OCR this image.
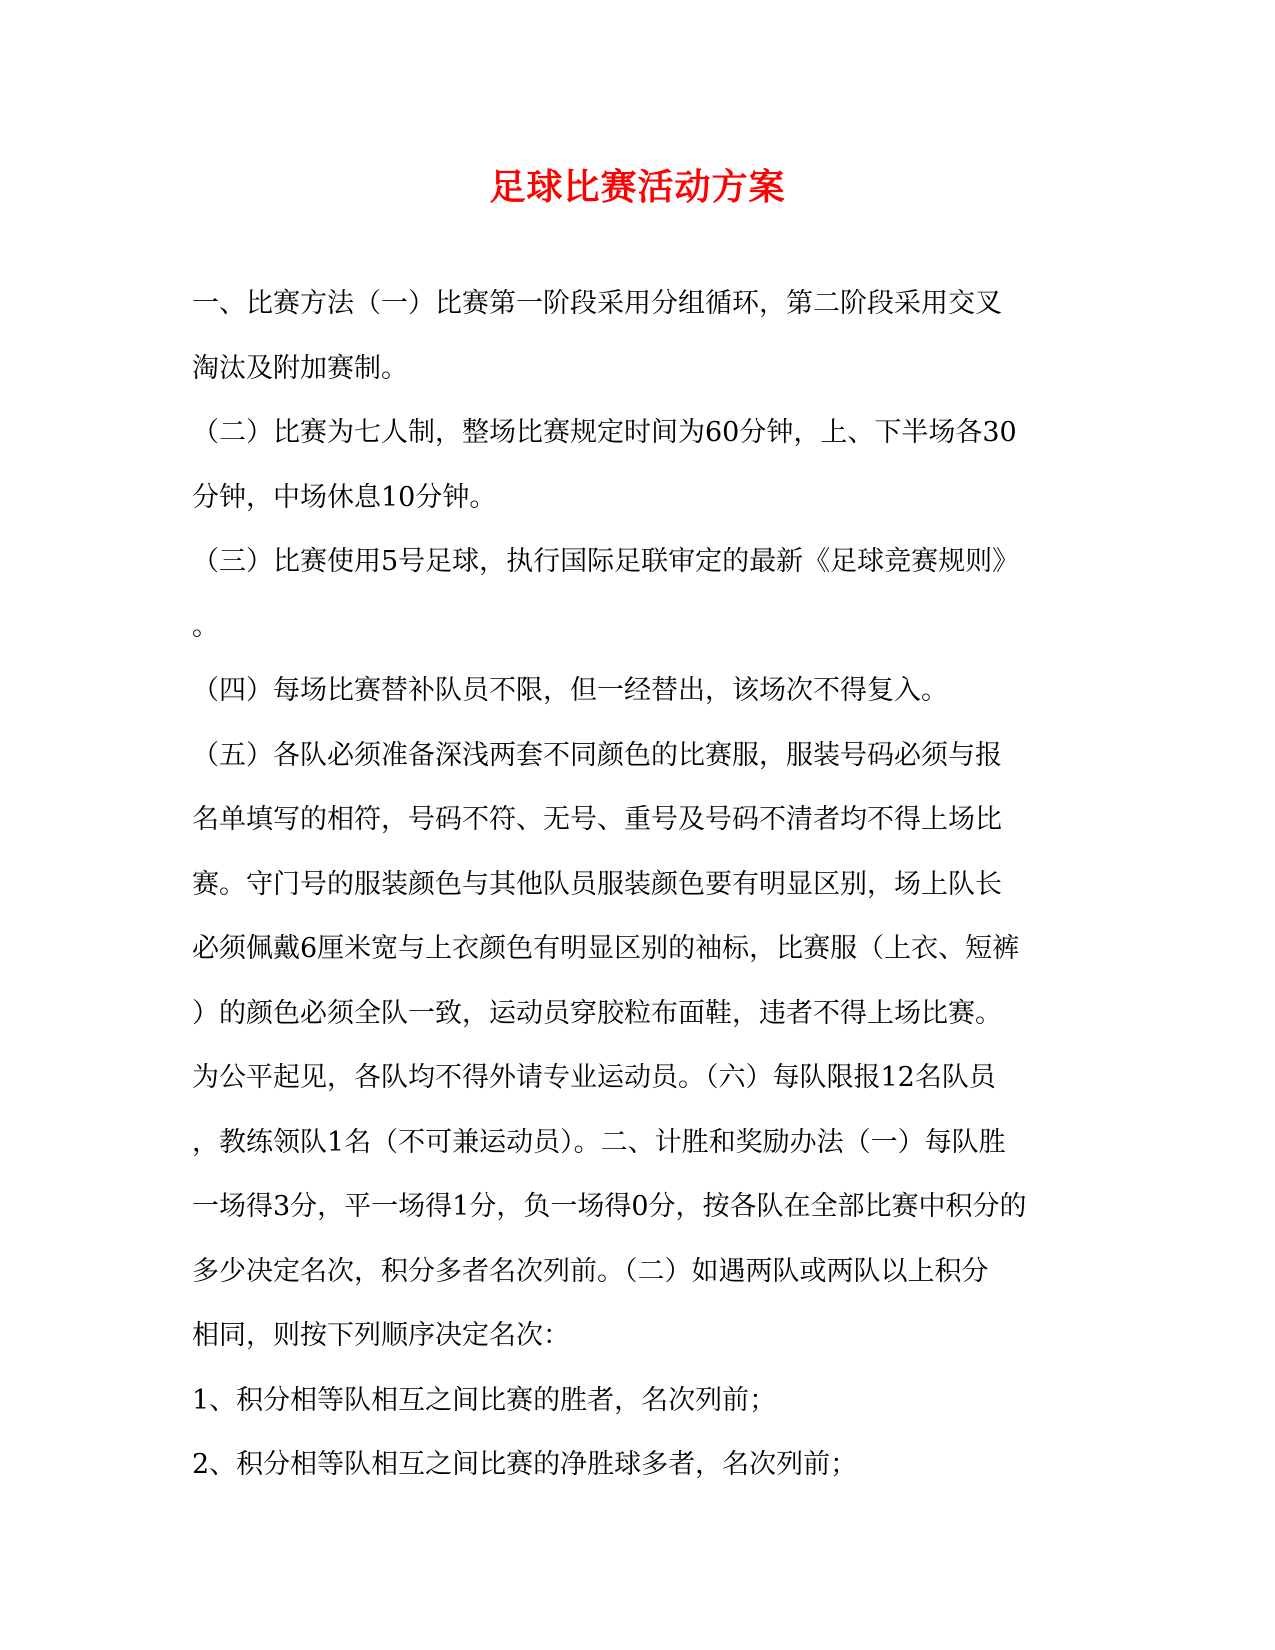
足球比赛活动方案
一、比赛方法（一）比赛第一阶段采用分组循环，第二阶段采用交叉
淘汰及附加赛制。
（二）比赛为七人制，整场比赛规定时间为60分钟，上、下半场各30
分钟，中场休息10分钟。
（三）比赛使用5号足球，执行国际足联审定的最新《足球竞赛规则》
。
（四）每场比赛替补队员不限，但一经替出，该场次不得复入。
（五）各队必须准备深浅两套不同颜色的比赛服，服装号码必须与报
名单填写的相符，号码不符、无号、重号及号码不清者均不得上场比
赛。守门号的服装颜色与其他队员服装颜色要有明显区别，场上队长
必须佩戴6厘米宽与上衣颜色有明显区别的袖标，比赛服（上衣、短裤
）的颜色必须全队一致，运动员穿胶粒布面鞋，违者不得上场比赛。
为公平起见，各队均不得外请专业运动员。（六）每队限报12名队员
，教练领队1名（不可兼运动员）。二、计胜和奖励办法（一）每队胜
一场得3分，平一场得1分，负一场得0分，按各队在全部比赛中积分的
多少决定名次，积分多者名次列前。（二）如遇两队或两队以上积分
相同，则按下列顺序决定名次：
1、积分相等队相互之间比赛的胜者，名次列前；
2、积分相等队相互之间比赛的净胜球多者，名次列前；
